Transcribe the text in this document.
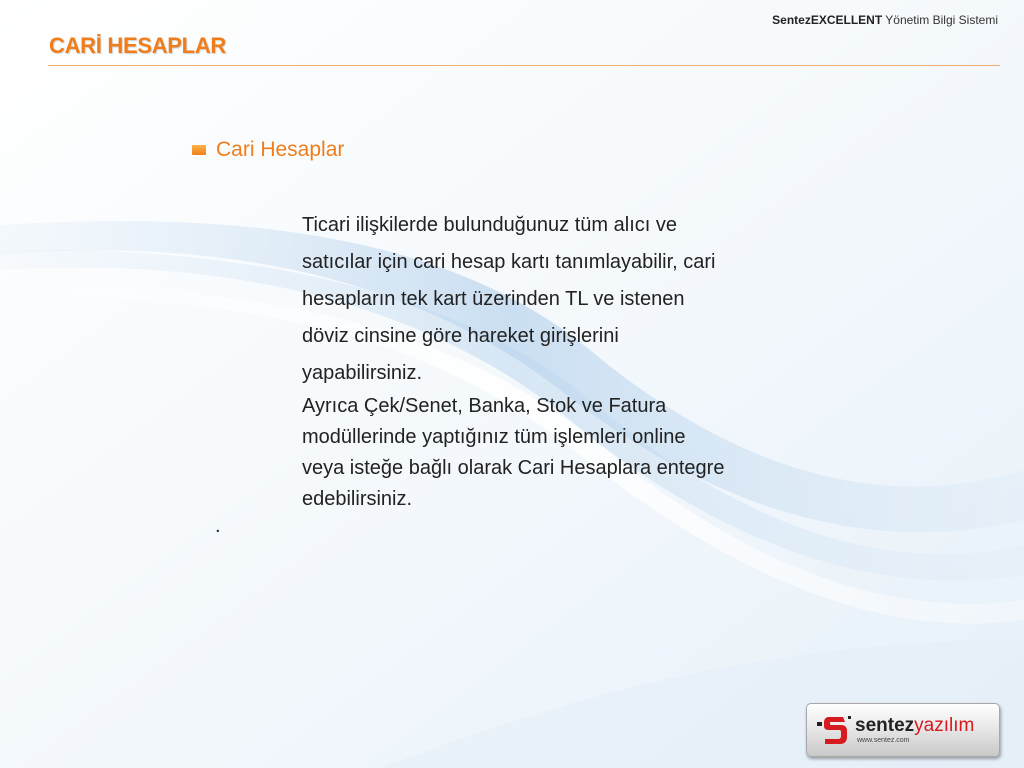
SentezEXCELLENT Yönetim Bilgi Sistemi
CARİ HESAPLAR
Cari Hesaplar
Ticari ilişkilerde bulunduğunuz tüm alıcı ve
satıcılar için cari hesap kartı tanımlayabilir, cari
hesapların tek kart üzerinden TL ve istenen
döviz cinsine göre hareket girişlerini
yapabilirsiniz.
Ayrıca Çek/Senet, Banka, Stok ve Fatura
modüllerinde yaptığınız tüm işlemleri online
veya isteğe bağlı olarak Cari Hesaplara entegre
edebilirsiniz.
.
sentezyazılım
www.sentez.com
